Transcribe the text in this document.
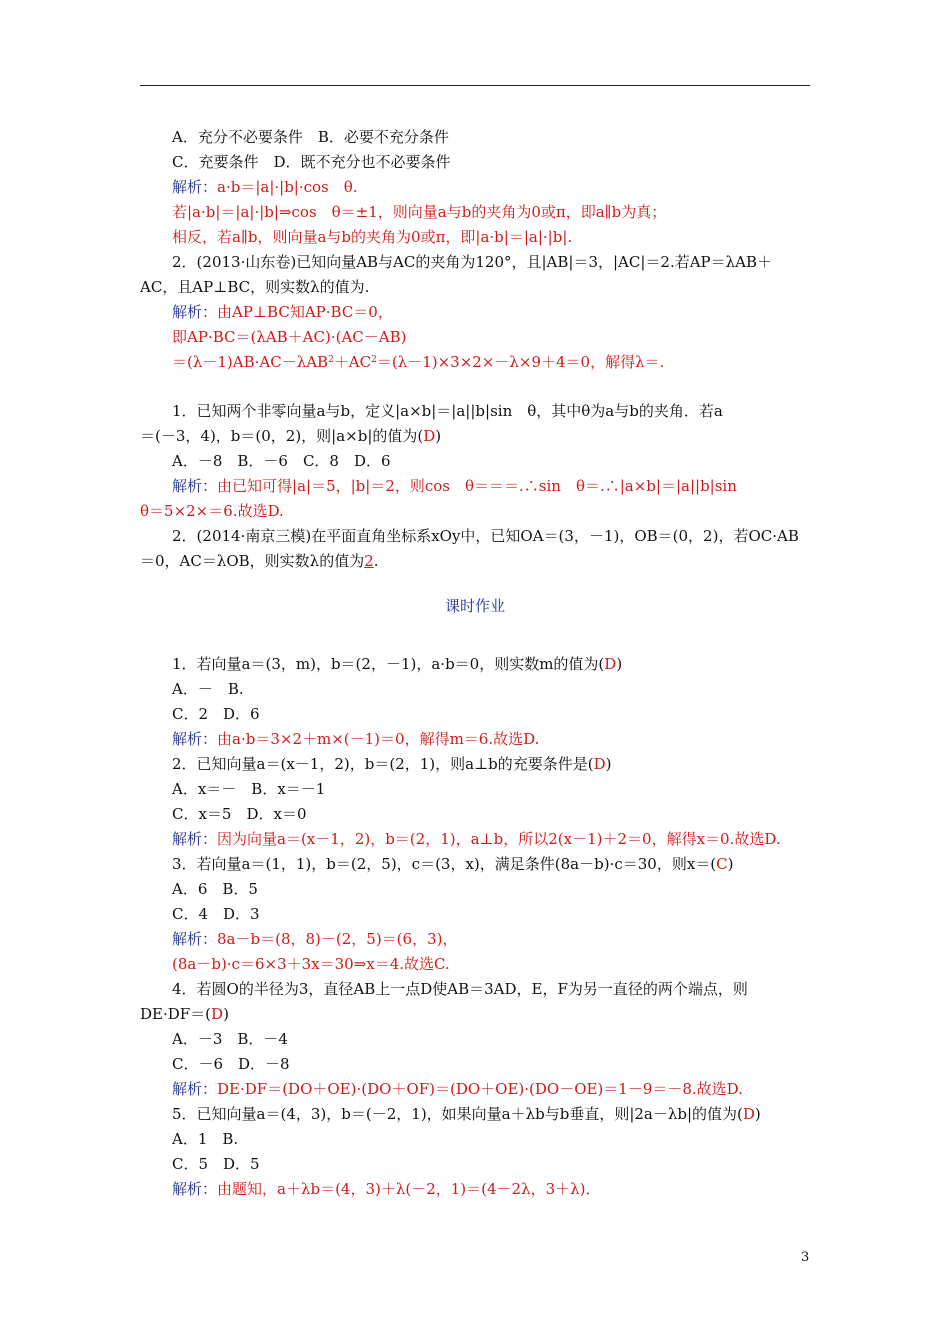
A．充分不必要条件　B．必要不充分条件
C．充要条件　D．既不充分也不必要条件
解析：a·b＝|a|·|b|·cos　θ.
若|a·b|＝|a|·|b|⇒cos　θ＝±1，则向量a与b的夹角为0或π，即a∥b为真；
相反，若a∥b，则向量a与b的夹角为0或π，即|a·b|＝|a|·|b|.
2．(2013·山东卷)已知向量AB与AC的夹角为120°，且|AB|＝3，|AC|＝2.若AP＝λAB＋
AC，且AP⊥BC，则实数λ的值为.
解析：由AP⊥BC知AP·BC＝0，
即AP·BC＝(λAB＋AC)·(AC－AB)
$=(\lambda-1)AB\cdot AC-\lambda AB^2+AC^2=(\lambda-1)\times 3\times 2\times-\lambda\times 9+4=0$，解得λ＝.
1．已知两个非零向量a与b，定义|a×b|＝|a||b|sin　θ，其中θ为a与b的夹角．若a
＝(－3，4)，b＝(0，2)，则|a×b|的值为(D)
A．－8　B．－6　C．8　D．6
解析：由已知可得|a|＝5，|b|＝2，则cos　θ＝＝＝.∴sin　θ＝.∴|a×b|＝|a||b|sin
θ＝5×2×＝6.故选D.
2．(2014·南京三模)在平面直角坐标系xOy中，已知OA＝(3，－1)，OB＝(0，2)，若OC·AB
＝0，AC＝λOB，则实数λ的值为2.
课时作业
1．若向量a＝(3，m)，b＝(2，－1)，a·b＝0，则实数m的值为(D)
A．－　B.
C．2　D．6
解析：由a·b＝3×2＋m×(－1)＝0，解得m＝6.故选D.
2．已知向量a＝(x－1，2)，b＝(2，1)，则a⊥b的充要条件是(D)
A．x＝－　B．x＝－1
C．x＝5　D．x＝0
解析：因为向量a＝(x－1，2)，b＝(2，1)，a⊥b，所以2(x－1)＋2＝0，解得x＝0.故选D.
3．若向量a＝(1，1)，b＝(2，5)，c＝(3，x)，满足条件(8a－b)·c＝30，则x＝(C)
A．6　B．5
C．4　D．3
解析：8a－b＝(8，8)－(2，5)＝(6，3)，
(8a－b)·c＝6×3＋3x＝30⇒x＝4.故选C.
4．若圆O的半径为3，直径AB上一点D使AB＝3AD，E，F为另一直径的两个端点，则
DE·DF＝(D)
A．－3　B．－4
C．－6　D．－8
解析：DE·DF＝(DO＋OE)·(DO＋OF)＝(DO＋OE)·(DO－OE)＝1－9＝－8.故选D.
5．已知向量a＝(4，3)，b＝(－2，1)，如果向量a＋λb与b垂直，则|2a－λb|的值为(D)
A．1　B.
C．5　D．5
解析：由题知，a＋λb＝(4，3)＋λ(－2，1)＝(4－2λ，3＋λ)．
3
